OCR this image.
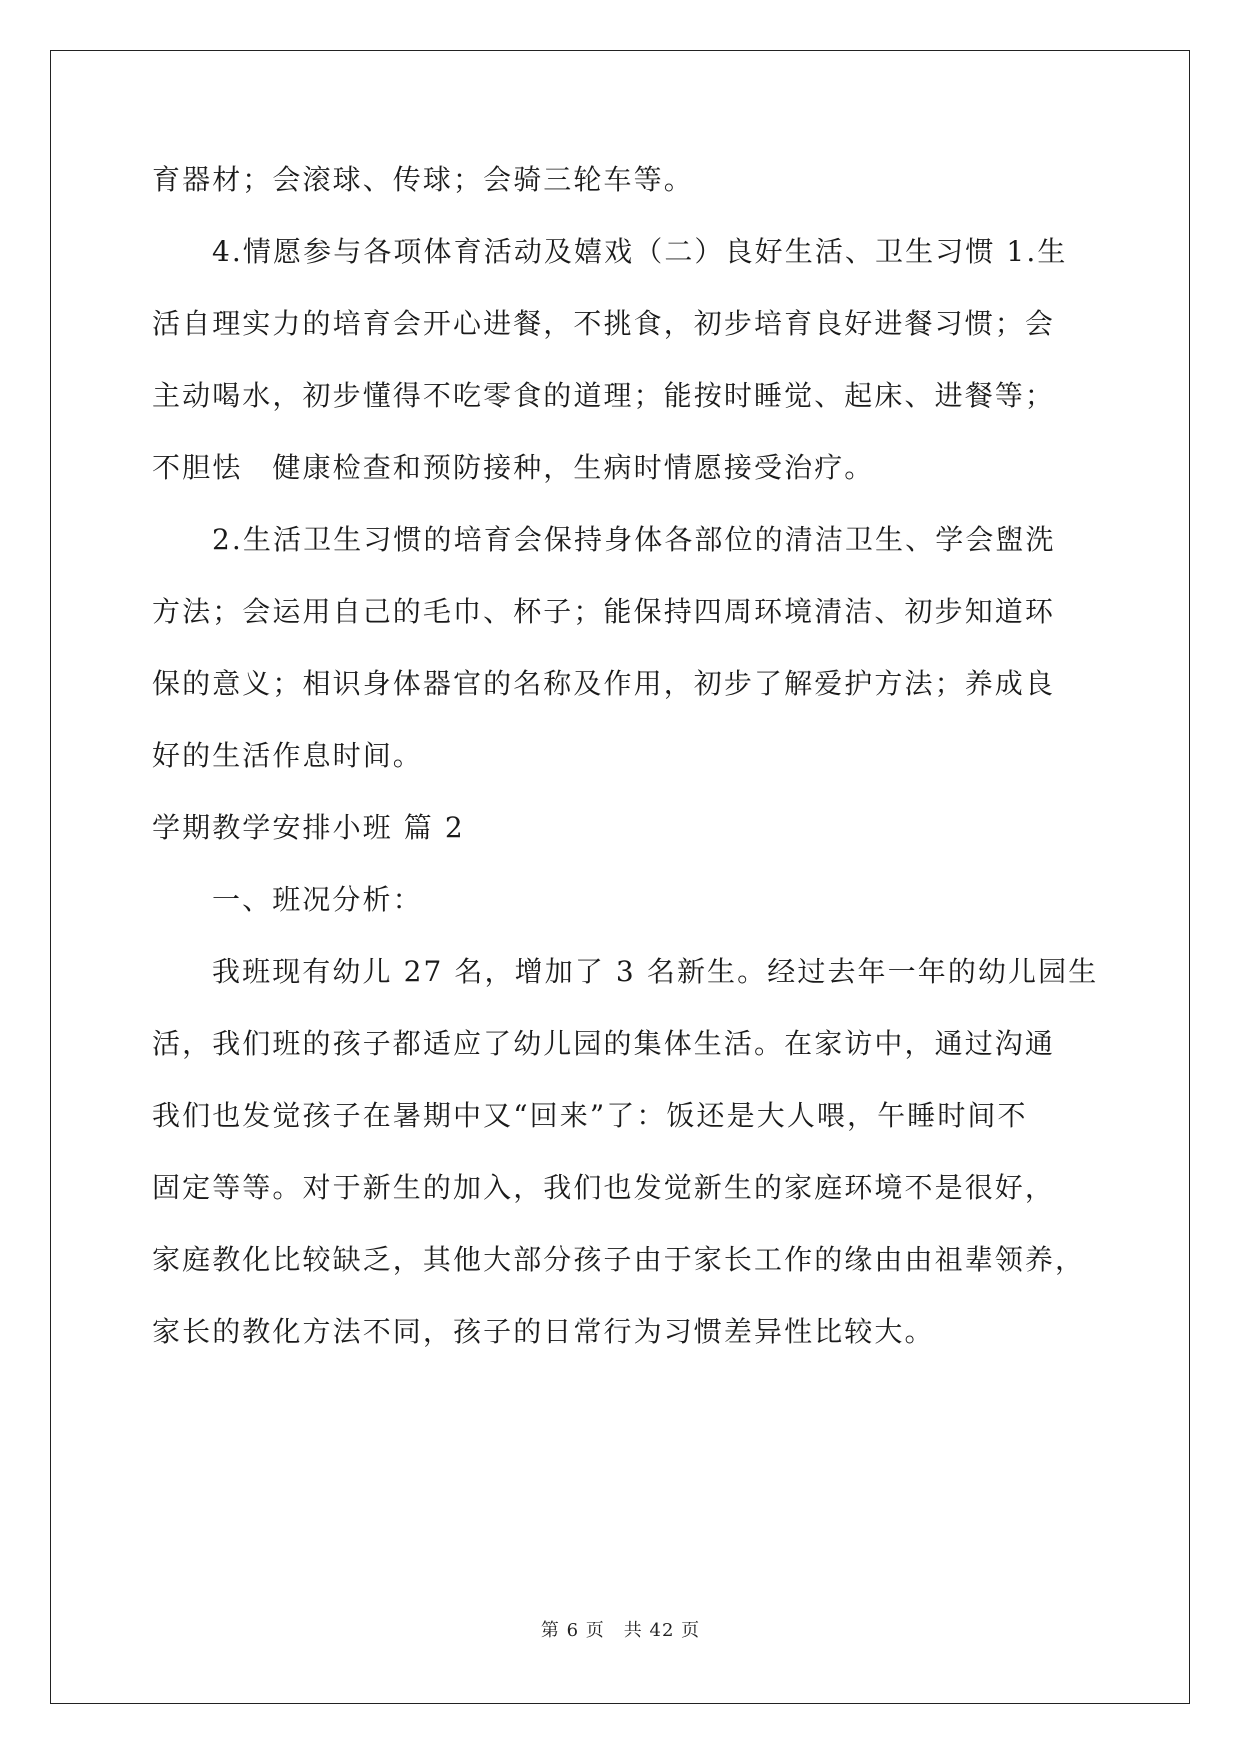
育器材；会滚球、传球；会骑三轮车等。
4.情愿参与各项体育活动及嬉戏（二）良好生活、卫生习惯 1.生
活自理实力的培育会开心进餐，不挑食，初步培育良好进餐习惯；会
主动喝水，初步懂得不吃零食的道理；能按时睡觉、起床、进餐等；
不胆怯　健康检查和预防接种，生病时情愿接受治疗。
2.生活卫生习惯的培育会保持身体各部位的清洁卫生、学会盥洗
方法；会运用自己的毛巾、杯子；能保持四周环境清洁、初步知道环
保的意义；相识身体器官的名称及作用，初步了解爱护方法；养成良
好的生活作息时间。
学期教学安排小班 篇 2
一、班况分析：
我班现有幼儿 27 名，增加了 3 名新生。经过去年一年的幼儿园生
活，我们班的孩子都适应了幼儿园的集体生活。在家访中，通过沟通
我们也发觉孩子在暑期中又“回来”了：饭还是大人喂，午睡时间不
固定等等。对于新生的加入，我们也发觉新生的家庭环境不是很好，
家庭教化比较缺乏，其他大部分孩子由于家长工作的缘由由祖辈领养，
家长的教化方法不同，孩子的日常行为习惯差异性比较大。
第 6 页　共 42 页
